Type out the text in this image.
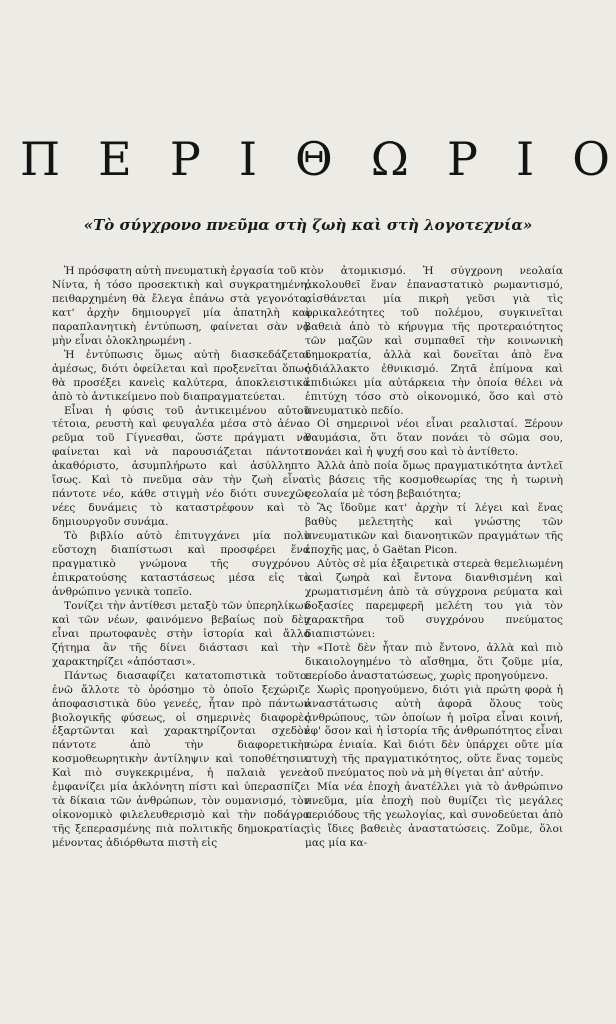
Π Ε Ρ Ι Θ Ω Ρ Ι Ο
«Τὸ σύγχρονο πνεῦμα στὴ ζωὴ καὶ στὴ λογοτεχνία»

Ἡ πρόσφατη αὐτὴ πνευματικὴ ἐργασία τοῦ κ. Νίντα, ἡ τόσο προσεκτικὴ καὶ συγκρατημένη, πειθαρχημένη θὰ ἔλεγα ἐπάνω στὰ γεγονότα, κατ' ἀρχὴν δημιουργεῖ μία ἀπατηλὴ καὶ παραπλανητικὴ ἐντύπωση, φαίνεται σὰν νὰ μὴν εἶναι ὁλοκληρωμένη .

Ἡ ἐντύπωσις ὅμως αὐτὴ διασκεδάζεται ἀμέσως, διότι ὀφείλεται καὶ προξενεῖται ὅπως θὰ προσέξει κανεὶς καλύτερα, ἀποκλειστικὰ ἀπὸ τὸ ἀντικείμενο ποὺ διαπραγματεύεται.

Εἶναι ἡ φύσις τοῦ ἀντικειμένου αὐτοῦ τέτοια, ρευστὴ καὶ φευγαλέα μέσα στὸ ἀέναο ρεῦμα τοῦ Γίγνεσθαι, ὥστε πράγματι νὰ φαίνεται καὶ νὰ παρουσιάζεται πάντοτε ἀκαθόριστο, ἀσυμπλήρωτο καὶ ἀσύλληπτο ἴσως. Καὶ τὸ πνεῦμα σὰν τὴν ζωὴ εἶναι πάντοτε νέο, κάθε στιγμὴ νέο διότι συνεχῶς νέες δυνάμεις τὸ καταστρέφουν καὶ τὸ δημιουργοῦν συνάμα.

Τὸ βιβλίο αὐτὸ ἐπιτυγχάνει μία πολὺ εὔστοχη διαπίστωσι καὶ προσφέρει ἕνα πραγματικὸ γνώμονα τῆς συγχρόνου ἐπικρατούσης καταστάσεως μέσα εἰς τὸ ἀνθρώπινο γενικὰ τοπεῖο.

Τονίζει τὴν ἀντίθεσι μεταξὺ τῶν ὑπερηλίκων καὶ τῶν νέων, φαινόμενο βεβαίως ποὺ δὲν εἶναι πρωτοφανὲς στὴν ἱστορία καὶ ἄλλο ζήτημα ἂν τῆς δίνει διάστασι καὶ τὴν χαρακτηρίζει «ἀπόστασι».

Πάντως διασαφίζει κατατοπιστικὰ τοῦτο: ἐνῶ ἄλλοτε τὸ ὁρόσημο τὸ ὁποῖο ξεχώριζε ἀποφασιστικὰ δύο γενεές, ἦταν πρὸ πάντων βιολογικῆς φύσεως, οἱ σημερινὲς διαφορὲς ἐξαρτῶνται καὶ χαρακτηρίζονται σχεδὸν πάντοτε ἀπὸ τὴν διαφορετικὴν κοσμοθεωρητικὴν ἀντίληψιν καὶ τοποθέτησιν. Καὶ πιὸ συγκεκριμένα, ἡ παλαιὰ γενεὰ ἐμφανίζει μία ἀκλόνητη πίστι καὶ ὑπερασπίζει τὰ δίκαια τῶν ἀνθρώπων, τὸν ουμανισμό, τὸν οἰκονομικὸ φιλελευθερισμὸ καὶ τὴν ποδάγρα τῆς ξεπερασμένης πιὰ πολιτικῆς δημοκρατίας, μένοντας ἀδιόρθωτα πιστὴ εἰς

τὸν ἀτομικισμό. Ἡ σύγχρονη νεολαία ἀκολουθεῖ ἕναν ἐπαναστατικὸ ρωμαντισμό, αἰσθάνεται μία πικρὴ γεῦσι γιὰ τὶς φρικαλεότητες τοῦ πολέμου, συγκινεῖται βαθειὰ ἀπὸ τὸ κήρυγμα τῆς προτεραιότητος τῶν μαζῶν καὶ συμπαθεῖ τὴν κοινωνικὴ δημοκρατία, ἀλλὰ καὶ δονεῖται ἀπὸ ἕνα ἀδιάλλακτο ἐθνικισμό. Ζητᾶ ἐπίμονα καὶ ἐπιδιώκει μία αὐτάρκεια τὴν ὁποία θέλει νὰ ἐπιτύχη τόσο στὸ οἰκονομικό, ὅσο καὶ στὸ πνευματικὸ πεδίο.

Οἱ σημερινοὶ νέοι εἶναι ρεαλισταί. Ξέρουν θαυμάσια, ὅτι ὅταν πονάει τὸ σῶμα σου, πονάει καὶ ἡ ψυχή σου καὶ τὸ ἀντίθετο.

Ἀλλὰ ἀπὸ ποία ὅμως πραγματικότητα ἀντλεῖ τὶς βάσεις τῆς κοσμοθεωρίας της ἡ τωρινὴ νεολαία μὲ τόση βεβαιότητα;

Ἂς ἴδοῦμε κατ' ἀρχὴν τί λέγει καὶ ἕνας βαθὺς μελετητὴς καὶ γνώστης τῶν πνευματικῶν καὶ διανοητικῶν πραγμάτων τῆς ἐποχῆς μας, ὁ Gaëtan Picon.

Αὐτὸς σὲ μία ἐξαιρετικὰ στερεὰ θεμελιωμένη καὶ ζωηρὰ καὶ ἔντονα διανθισμένη καὶ χρωματισμένη ἀπὸ τὰ σύγχρονα ρεύματα καὶ δοξασίες παρεμφερῆ μελέτη του γιὰ τὸν χαρακτῆρα τοῦ συγχρόνου πνεύματος διαπιστώνει:

«Ποτὲ δὲν ἦταν πιὸ ἔντονο, ἀλλὰ καὶ πιὸ δικαιολογημένο τὸ αἴσθημα, ὅτι ζοῦμε μία, περίοδο ἀναστατώσεως, χωρὶς προηγούμενο.

Χωρὶς προηγούμενο, διότι γιὰ πρώτη φορὰ ἡ ἀναστάτωσις αὐτὴ ἀφορᾶ ὅλους τοὺς ἀνθρώπους, τῶν ὁποίων ἡ μοῖρα εἶναι κοινή, ἐφ' ὅσον καὶ ἡ ἱστορία τῆς ἀνθρωπότητος εἶναι τώρα ἑνιαία. Καὶ διότι δὲν ὑπάρχει οὔτε μία πτυχὴ τῆς πραγματικότητος, οὔτε ἕνας τομεὺς τοῦ πνεύματος ποὺ νὰ μὴ θίγεται ἀπ' αὐτήν.

Μία νέα ἐποχὴ ἀνατέλλει γιὰ τὸ ἀνθρώπινο πνεῦμα, μία ἐποχὴ ποὺ θυμίζει τὶς μεγάλες περιόδους τῆς γεωλογίας, καὶ συνοδεύεται ἀπὸ τὶς ἴδιες βαθειὲς ἀναστατώσεις. Ζοῦμε, ὅλοι μας μία κα-
